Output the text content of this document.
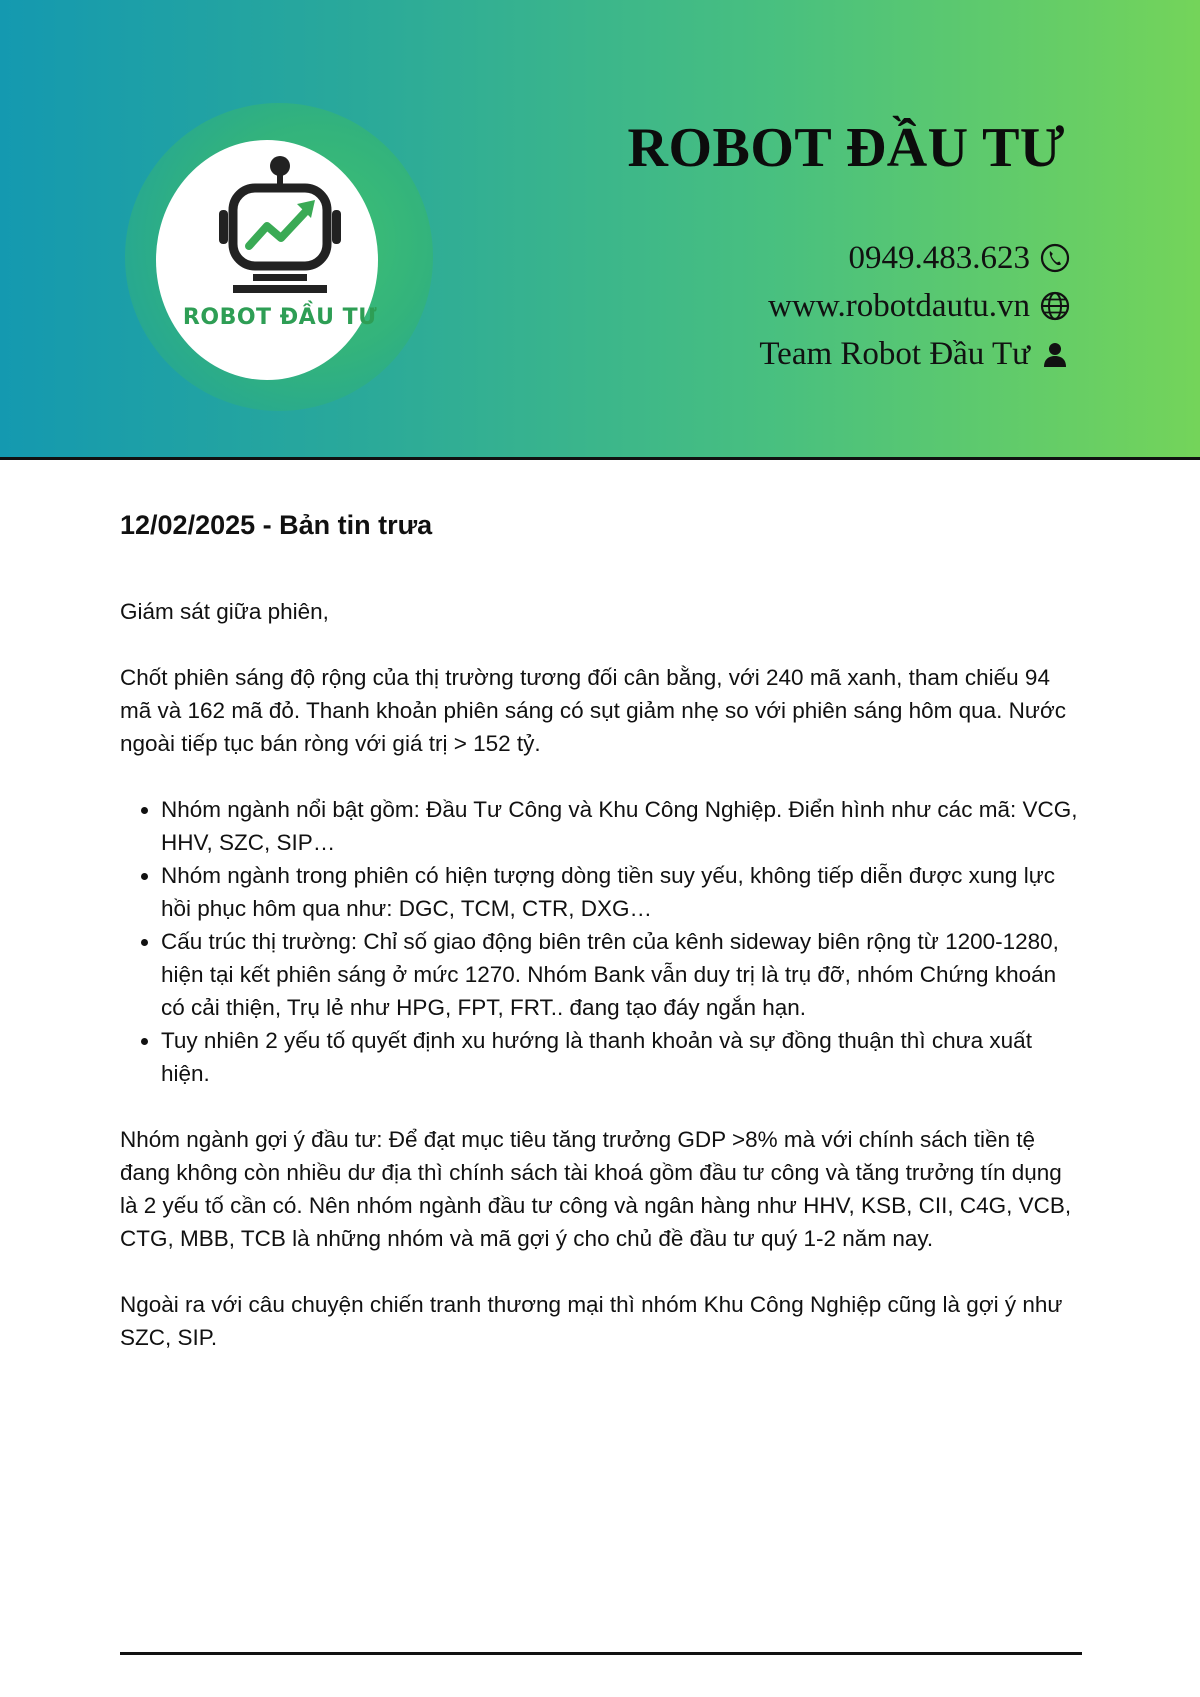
ROBOT ĐẦU TƯ
ROBOT ĐẦU TƯ
0949.483.623
www.robotdautu.vn
Team Robot Đầu Tư
12/02/2025 - Bản tin trưa

Giám sát giữa phiên,

Chốt phiên sáng độ rộng của thị trường tương đối cân bằng, với 240 mã xanh, tham chiếu 94 mã và 162 mã đỏ. Thanh khoản phiên sáng có sụt giảm nhẹ so với phiên sáng hôm qua. Nước ngoài tiếp tục bán ròng với giá trị > 152 tỷ.

• Nhóm ngành nổi bật gồm: Đầu Tư Công và Khu Công Nghiệp. Điển hình như các mã: VCG, HHV, SZC, SIP…
• Nhóm ngành trong phiên có hiện tượng dòng tiền suy yếu, không tiếp diễn được xung lực hồi phục hôm qua như: DGC, TCM, CTR, DXG…
• Cấu trúc thị trường: Chỉ số giao động biên trên của kênh sideway biên rộng từ 1200-1280, hiện tại kết phiên sáng ở mức 1270. Nhóm Bank vẫn duy trị là trụ đỡ, nhóm Chứng khoán có cải thiện, Trụ lẻ như HPG, FPT, FRT.. đang tạo đáy ngắn hạn.
• Tuy nhiên 2 yếu tố quyết định xu hướng là thanh khoản và sự đồng thuận thì chưa xuất hiện.

Nhóm ngành gợi ý đầu tư: Để đạt mục tiêu tăng trưởng GDP >8% mà với chính sách tiền tệ đang không còn nhiều dư địa thì chính sách tài khoá gồm đầu tư công và tăng trưởng tín dụng là 2 yếu tố cần có. Nên nhóm ngành đầu tư công và ngân hàng như HHV, KSB, CII, C4G, VCB, CTG, MBB, TCB là những nhóm và mã gợi ý cho chủ đề đầu tư quý 1-2 năm nay.

Ngoài ra với câu chuyện chiến tranh thương mại thì nhóm Khu Công Nghiệp cũng là gợi ý như SZC, SIP.
